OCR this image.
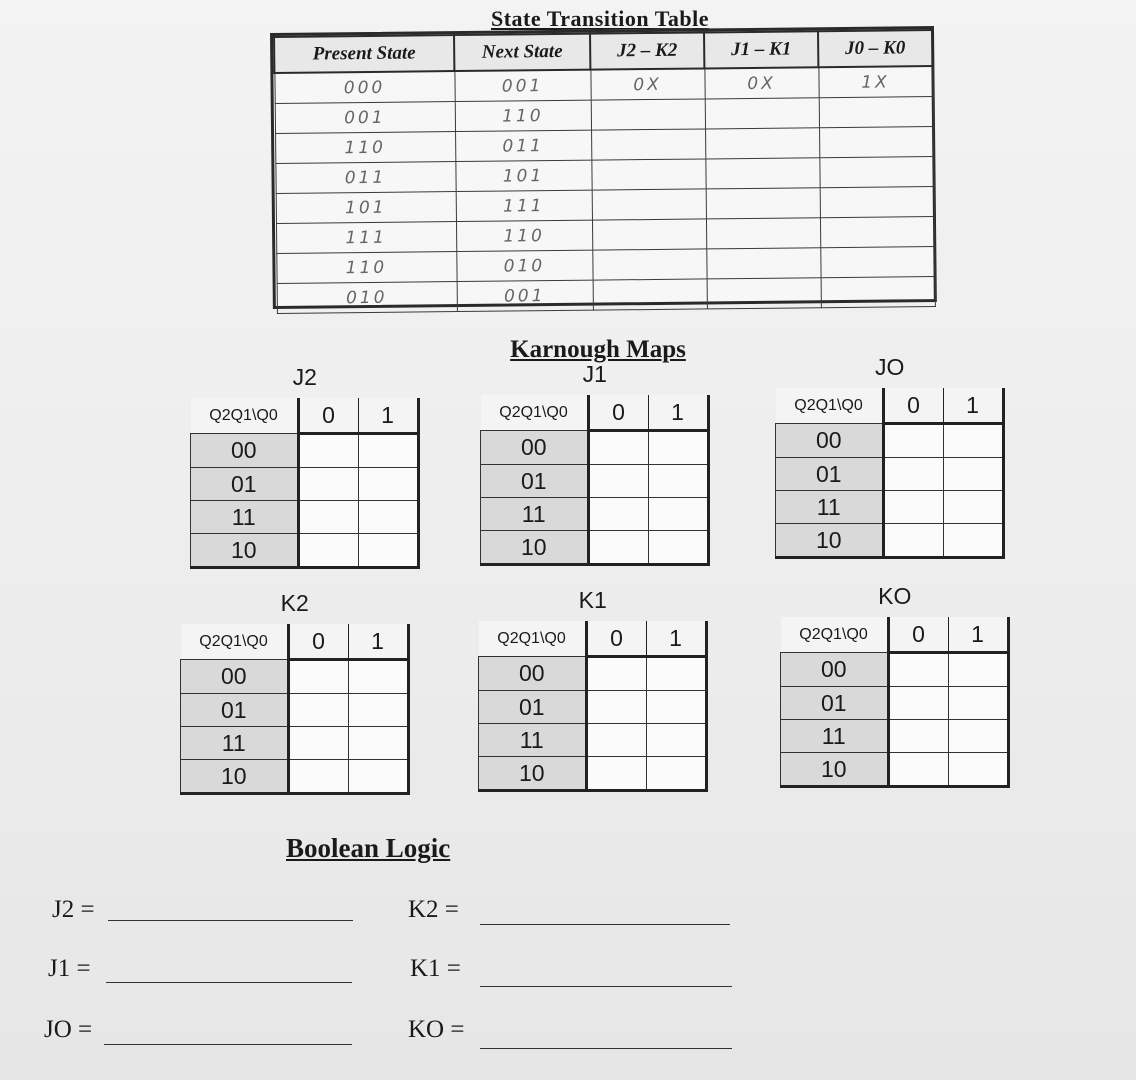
State Transition Table
Present State	Next State	J2 – K2	J1 – K1	J0 – K0
000	001	0X	0X	1X
001	110			
110	011			
011	101			
101	111			
111	110			
110	010			
010	001			
Karnough Maps
J2
Q2Q1\Q0	0	1
00		
01		
11		
10		
J1
Q2Q1\Q0	0	1
00		
01		
11		
10		
JO
Q2Q1\Q0	0	1
00		
01		
11		
10		
K2
Q2Q1\Q0	0	1
00		
01		
11		
10		
K1
Q2Q1\Q0	0	1
00		
01		
11		
10		
KO
Q2Q1\Q0	0	1
00		
01		
11		
10		
Boolean Logic
J2 =	K2 =
J1 =	K1 =
JO =	KO =
